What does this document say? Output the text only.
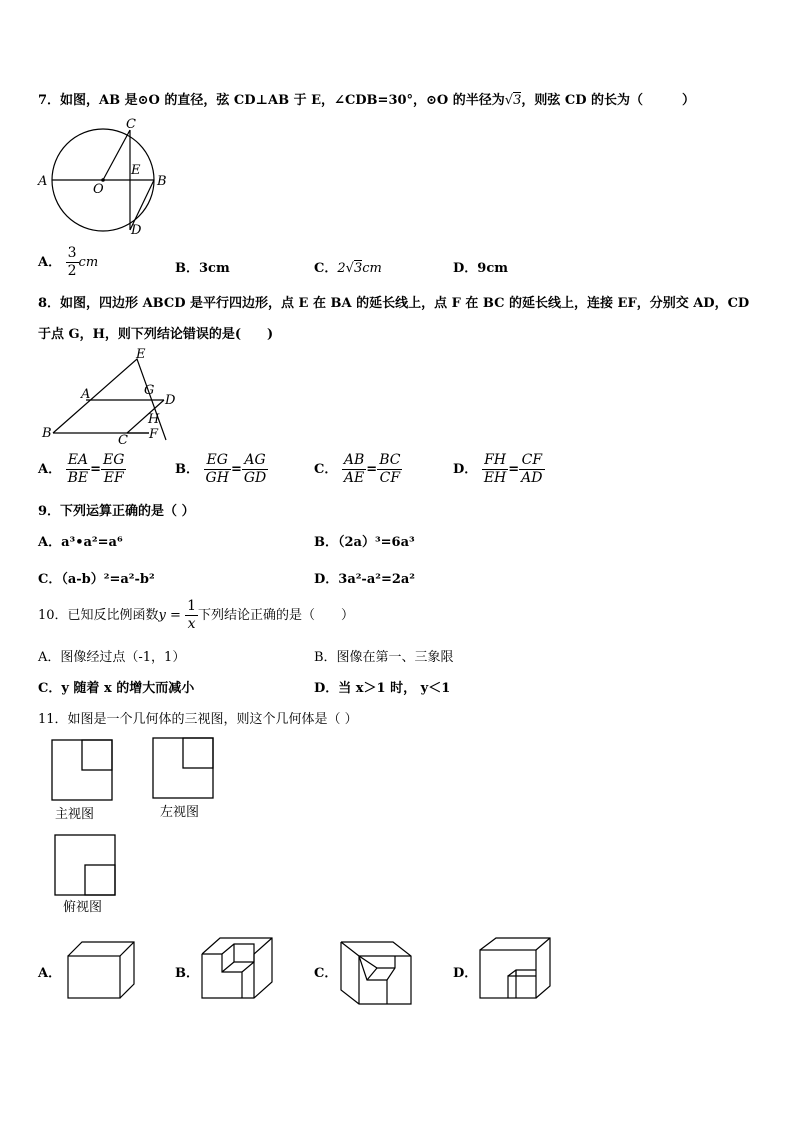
7．如图，AB 是⊙O 的直径，弦 CD⊥AB 于 E，∠CDB=30°，⊙O 的半径为√3，则弦 CD 的长为（　　　）
A	B
C
D
E
O
A． $\frac{3}{2}$ cm	B．3cm	C．2√3cm	D．9cm
8．如图，四边形 ABCD 是平行四边形，点 E 在 BA 的延长线上，点 F 在 BC 的延长线上，连接 EF，分别交 AD，CD
于点 G，H，则下列结论错误的是(　　)
E
A	G
D
H
B	C F
A． $\frac{EA}{BE} = \frac{EG}{EF}$	B． $\frac{EG}{GH} = \frac{AG}{GD}$	C． $\frac{AB}{AE} = \frac{BC}{CF}$	D． $\frac{FH}{EH} = \frac{CF}{AD}$
9．下列运算正确的是（ ）
A．a³•a²=a⁶	B．（2a）³=6a³
C．（a-b）²=a²-b²	D．3a²-a²=2a²
10．已知反比例函数$y = \frac{1}{x}$ 下列结论正确的是（　　）
A．图像经过点（-1，1）	B．图像在第一、三象限
C．y 随着 x 的增大而减小	D．当 x＞1 时， y＜1
11．如图是一个几何体的三视图，则这个几何体是（ ）
主视图	左视图
俯视图
A．	B．	C．	D．
